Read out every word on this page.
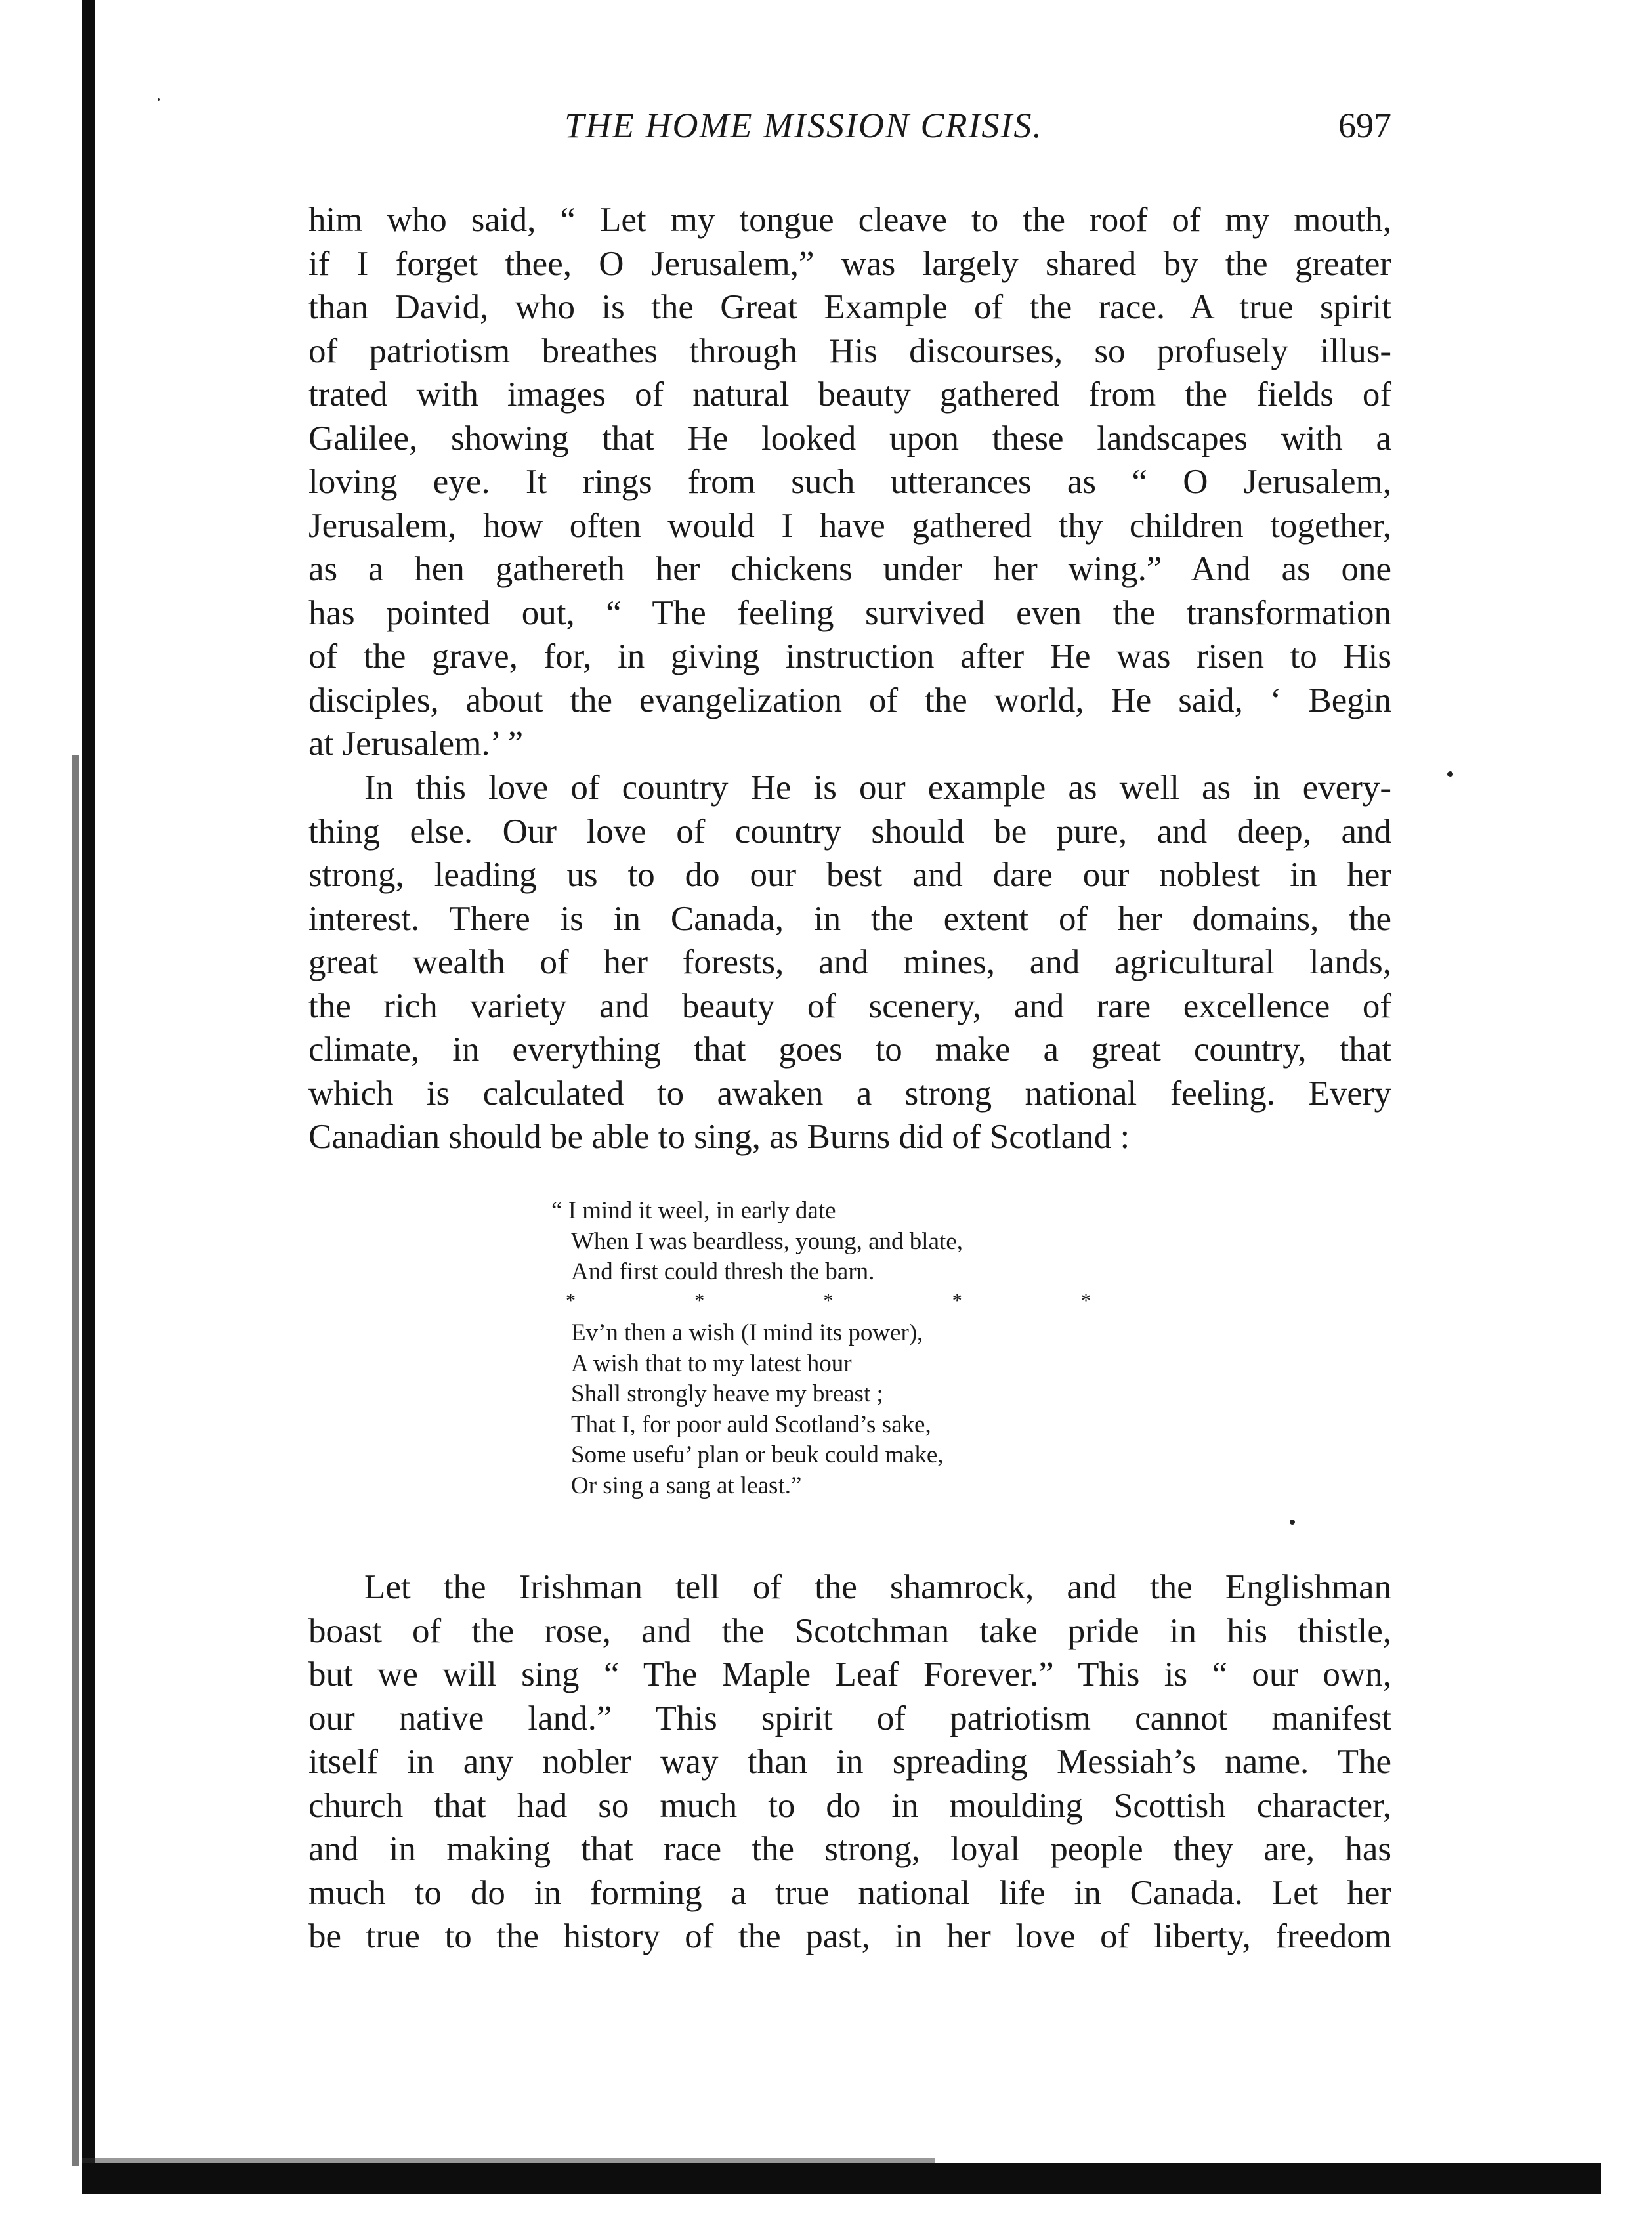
THE HOME MISSION CRISIS.	697
him who said, “ Let my tongue cleave to the roof of my mouth,
if I forget thee, O Jerusalem,” was largely shared by the greater
than David, who is the Great Example of the race. A true spirit
of patriotism breathes through His discourses, so profusely illus-
trated with images of natural beauty gathered from the fields of
Galilee, showing that He looked upon these landscapes with a
loving eye. It rings from such utterances as “ O Jerusalem,
Jerusalem, how often would I have gathered thy children together,
as a hen gathereth her chickens under her wing.” And as one
has pointed out, “ The feeling survived even the transformation
of the grave, for, in giving instruction after He was risen to His
disciples, about the evangelization of the world, He said, ‘ Begin
at Jerusalem.’ ”
In this love of country He is our example as well as in every-
thing else. Our love of country should be pure, and deep, and
strong, leading us to do our best and dare our noblest in her
interest. There is in Canada, in the extent of her domains, the
great wealth of her forests, and mines, and agricultural lands,
the rich variety and beauty of scenery, and rare excellence of
climate, in everything that goes to make a great country, that
which is calculated to awaken a strong national feeling. Every
Canadian should be able to sing, as Burns did of Scotland :
“ I mind it weel, in early date
When I was beardless, young, and blate,
And first could thresh the barn.
*	*	*	*	*
Ev’n then a wish (I mind its power),
A wish that to my latest hour
Shall strongly heave my breast ;
That I, for poor auld Scotland’s sake,
Some usefu’ plan or beuk could make,
Or sing a sang at least.”
Let the Irishman tell of the shamrock, and the Englishman
boast of the rose, and the Scotchman take pride in his thistle,
but we will sing “ The Maple Leaf Forever.” This is “ our own,
our native land.” This spirit of patriotism cannot manifest
itself in any nobler way than in spreading Messiah’s name. The
church that had so much to do in moulding Scottish character,
and in making that race the strong, loyal people they are, has
much to do in forming a true national life in Canada. Let her
be true to the history of the past, in her love of liberty, freedom
